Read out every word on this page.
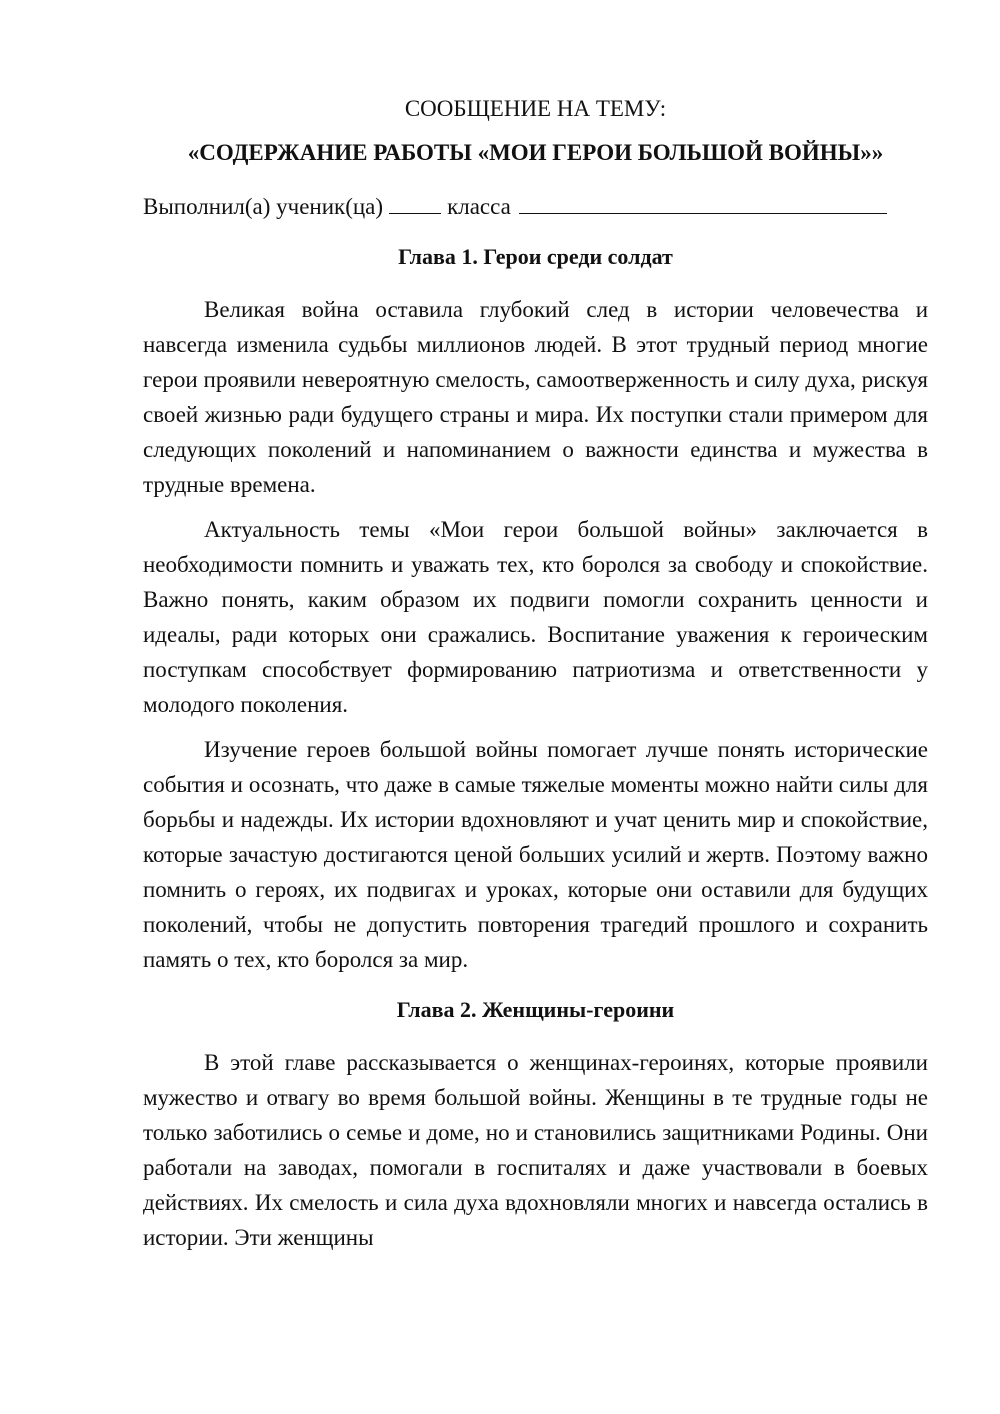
СООБЩЕНИЕ НА ТЕМУ:
«СОДЕРЖАНИЕ РАБОТЫ «МОИ ГЕРОИ БОЛЬШОЙ ВОЙНЫ»»
Выполнил(а) ученик(ца)	класса
Глава 1. Герои среди солдат

Великая война оставила глубокий след в истории человечества и навсегда изменила судьбы миллионов людей. В этот трудный период многие герои проявили невероятную смелость, самоотверженность и силу духа, рискуя своей жизнью ради будущего страны и мира. Их поступки стали примером для следующих поколений и напоминанием о важности единства и мужества в трудные времена.

Актуальность темы «Мои герои большой войны» заключается в необходимости помнить и уважать тех, кто боролся за свободу и спокойствие. Важно понять, каким образом их подвиги помогли сохранить ценности и идеалы, ради которых они сражались. Воспитание уважения к героическим поступкам способствует формированию патриотизма и ответственности у молодого поколения.

Изучение героев большой войны помогает лучше понять исторические события и осознать, что даже в самые тяжелые моменты можно найти силы для борьбы и надежды. Их истории вдохновляют и учат ценить мир и спокойствие, которые зачастую достигаются ценой больших усилий и жертв. Поэтому важно помнить о героях, их подвигах и уроках, которые они оставили для будущих поколений, чтобы не допустить повторения трагедий прошлого и сохранить память о тех, кто боролся за мир.

Глава 2. Женщины-героини

В этой главе рассказывается о женщинах-героинях, которые проявили мужество и отвагу во время большой войны. Женщины в те трудные годы не только заботились о семье и доме, но и становились защитниками Родины. Они работали на заводах, помогали в госпиталях и даже участвовали в боевых действиях. Их смелость и сила духа вдохновляли многих и навсегда остались в истории. Эти женщины
